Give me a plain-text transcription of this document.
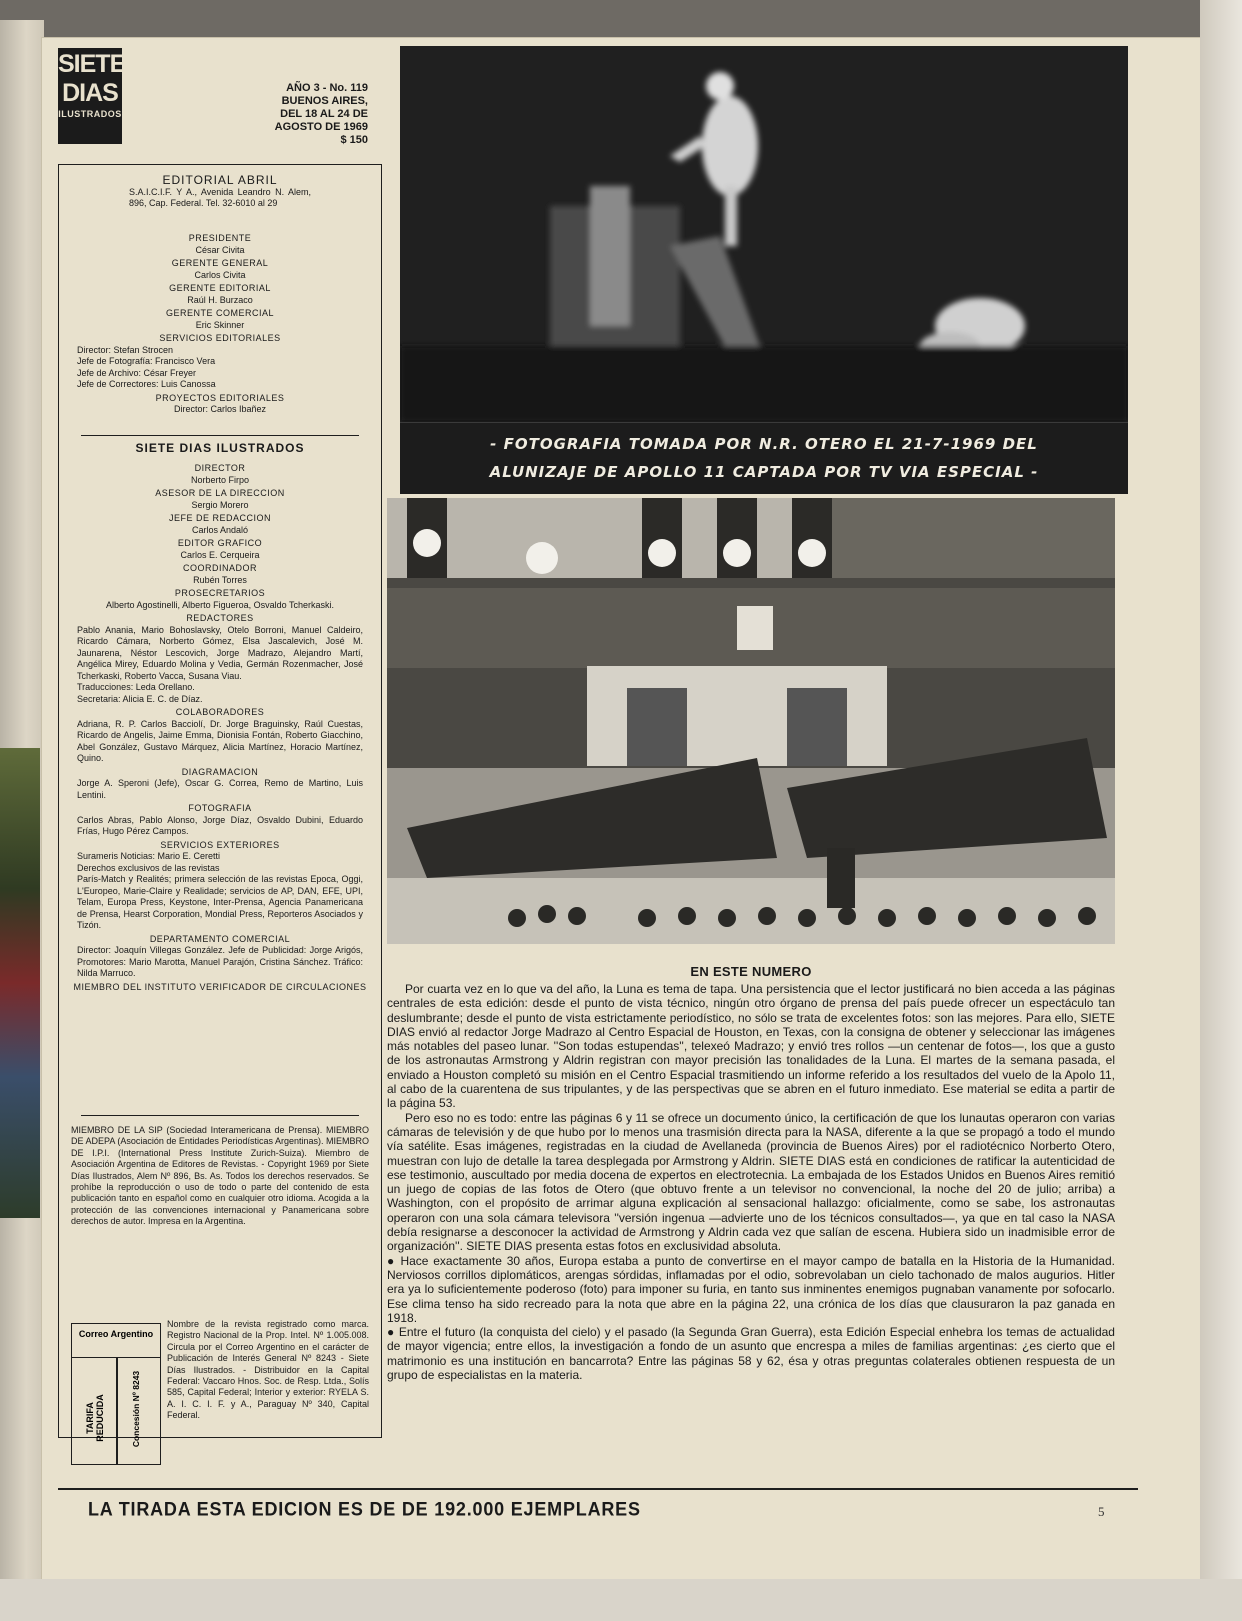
SIETE
DIAS
ILUSTRADOS
AÑO 3 - No. 119
BUENOS AIRES,
DEL 18 AL 24 DE
AGOSTO DE 1969
$ 150
EDITORIAL ABRIL
S.A.I.C.I.F. Y A., Avenida Leandro N. Alem, 896, Cap. Federal. Tel. 32-6010 al 29
PRESIDENTE
César Civita
GERENTE GENERAL
Carlos Civita
GERENTE EDITORIAL
Raúl H. Burzaco
GERENTE COMERCIAL
Eric Skinner
SERVICIOS EDITORIALES
Director: Stefan Strocen
Jefe de Fotografía: Francisco Vera
Jefe de Archivo: César Freyer
Jefe de Correctores: Luis Canossa
PROYECTOS EDITORIALES
Director: Carlos Ibañez
SIETE DIAS ILUSTRADOS
DIRECTOR
Norberto Firpo
ASESOR DE LA DIRECCION
Sergio Morero
JEFE DE REDACCION
Carlos Andaló
EDITOR GRAFICO
Carlos E. Cerqueira
COORDINADOR
Rubén Torres
PROSECRETARIOS
Alberto Agostinelli, Alberto Figueroa, Osvaldo Tcherkaski.
REDACTORES
Pablo Anania, Mario Bohoslavsky, Otelo Borroni, Manuel Caldeiro, Ricardo Cámara, Norberto Gómez, Elsa Jascalevich, José M. Jaunarena, Néstor Lescovich, Jorge Madrazo, Alejandro Martí, Angélica Mirey, Eduardo Molina y Vedia, Germán Rozenmacher, José Tcherkaski, Roberto Vacca, Susana Viau.
Traducciones: Leda Orellano.
Secretaria: Alicia E. C. de Díaz.
COLABORADORES
Adriana, R. P. Carlos Bacciolí, Dr. Jorge Braguinsky, Raúl Cuestas, Ricardo de Angelis, Jaime Emma, Dionisia Fontán, Roberto Giacchino, Abel González, Gustavo Márquez, Alicia Martínez, Horacio Martínez, Quino.
DIAGRAMACION
Jorge A. Speroni (Jefe), Oscar G. Correa, Remo de Martino, Luis Lentini.
FOTOGRAFIA
Carlos Abras, Pablo Alonso, Jorge Díaz, Osvaldo Dubini, Eduardo Frías, Hugo Pérez Campos.
SERVICIOS EXTERIORES
Surameris Noticias: Mario E. Ceretti
Derechos exclusivos de las revistas
París-Match y Realités; primera selección de las revistas Epoca, Oggi, L'Europeo, Marie-Claire y Realidade; servicios de AP, DAN, EFE, UPI, Telam, Europa Press, Keystone, Inter-Prensa, Agencia Panamericana de Prensa, Hearst Corporation, Mondial Press, Reporteros Asociados y Tizón.
DEPARTAMENTO COMERCIAL
Director: Joaquín Villegas González. Jefe de Publicidad: Jorge Arigós, Promotores: Mario Marotta, Manuel Parajón, Cristina Sánchez. Tráfico: Nilda Marruco.
MIEMBRO DEL INSTITUTO VERIFICADOR DE CIRCULACIONES
MIEMBRO DE LA SIP (Sociedad Interamericana de Prensa). MIEMBRO DE ADEPA (Asociación de Entidades Periodísticas Argentinas). MIEMBRO DE I.P.I. (International Press Institute Zurich-Suiza). Miembro de Asociación Argentina de Editores de Revistas. - Copyright 1969 por Siete Días Ilustrados, Alem Nº 896, Bs. As. Todos los derechos reservados. Se prohíbe la reproducción o uso de todo o parte del contenido de esta publicación tanto en español como en cualquier otro idioma. Acogida a la protección de las convenciones internacional y Panamericana sobre derechos de autor. Impresa en la Argentina.
Correo Argentino
TARIFA REDUCIDA	Concesión Nº 8243
Nombre de la revista registrado como marca. Registro Nacional de la Prop. Intel. Nº 1.005.008. Circula por el Correo Argentino en el carácter de Publicación de Interés General Nº 8243 - Siete Días Ilustrados. - Distribuidor en la Capital Federal: Vaccaro Hnos. Soc. de Resp. Ltda., Solís 585, Capital Federal; Interior y exterior: RYELA S. A. I. C. I. F. y A., Paraguay Nº 340, Capital Federal.
- FOTOGRAFIA TOMADA POR N.R. OTERO EL 21-7-1969 DEL
ALUNIZAJE DE APOLLO 11 CAPTADA POR TV VIA ESPECIAL -
EN ESTE NUMERO

Por cuarta vez en lo que va del año, la Luna es tema de tapa. Una persistencia que el lector justificará no bien acceda a las páginas centrales de esta edición: desde el punto de vista técnico, ningún otro órgano de prensa del país puede ofrecer un espectáculo tan deslumbrante; desde el punto de vista estrictamente periodístico, no sólo se trata de excelentes fotos: son las mejores. Para ello, SIETE DIAS envió al redactor Jorge Madrazo al Centro Espacial de Houston, en Texas, con la consigna de obtener y seleccionar las imágenes más notables del paseo lunar. ''Son todas estupendas'', telexeó Madrazo; y envió tres rollos —un centenar de fotos—, los que a gusto de los astronautas Armstrong y Aldrin registran con mayor precisión las tonalidades de la Luna. El martes de la semana pasada, el enviado a Houston completó su misión en el Centro Espacial trasmitiendo un informe referido a los resultados del vuelo de la Apolo 11, al cabo de la cuarentena de sus tripulantes, y de las perspectivas que se abren en el futuro inmediato. Ese material se edita a partir de la página 53.

Pero eso no es todo: entre las páginas 6 y 11 se ofrece un documento único, la certificación de que los lunautas operaron con varias cámaras de televisión y de que hubo por lo menos una trasmisión directa para la NASA, diferente a la que se propagó a todo el mundo vía satélite. Esas imágenes, registradas en la ciudad de Avellaneda (provincia de Buenos Aires) por el radiotécnico Norberto Otero, muestran con lujo de detalle la tarea desplegada por Armstrong y Aldrin. SIETE DIAS está en condiciones de ratificar la autenticidad de ese testimonio, auscultado por media docena de expertos en electrotecnia. La embajada de los Estados Unidos en Buenos Aires remitió un juego de copias de las fotos de Otero (que obtuvo frente a un televisor no convencional, la noche del 20 de julio; arriba) a Washington, con el propósito de arrimar alguna explicación al sensacional hallazgo: oficialmente, como se sabe, los astronautas operaron con una sola cámara televisora ''versión ingenua —advierte uno de los técnicos consultados—, ya que en tal caso la NASA debía resignarse a desconocer la actividad de Armstrong y Aldrin cada vez que salían de escena. Hubiera sido un inadmisible error de organización''. SIETE DIAS presenta estas fotos en exclusividad absoluta.

● Hace exactamente 30 años, Europa estaba a punto de convertirse en el mayor campo de batalla en la Historia de la Humanidad. Nerviosos corrillos diplomáticos, arengas sórdidas, inflamadas por el odio, sobrevolaban un cielo tachonado de malos augurios. Hitler era ya lo suficientemente poderoso (foto) para imponer su furia, en tanto sus inminentes enemigos pugnaban vanamente por sofocarlo. Ese clima tenso ha sido recreado para la nota que abre en la página 22, una crónica de los días que clausuraron la paz ganada en 1918.

● Entre el futuro (la conquista del cielo) y el pasado (la Segunda Gran Guerra), esta Edición Especial enhebra los temas de actualidad de mayor vigencia; entre ellos, la investigación a fondo de un asunto que encrespa a miles de familias argentinas: ¿es cierto que el matrimonio es una institución en bancarrota? Entre las páginas 58 y 62, ésa y otras preguntas colaterales obtienen respuesta de un grupo de especialistas en la materia.

LA TIRADA ESTA EDICION ES DE DE 192.000 EJEMPLARES	5
